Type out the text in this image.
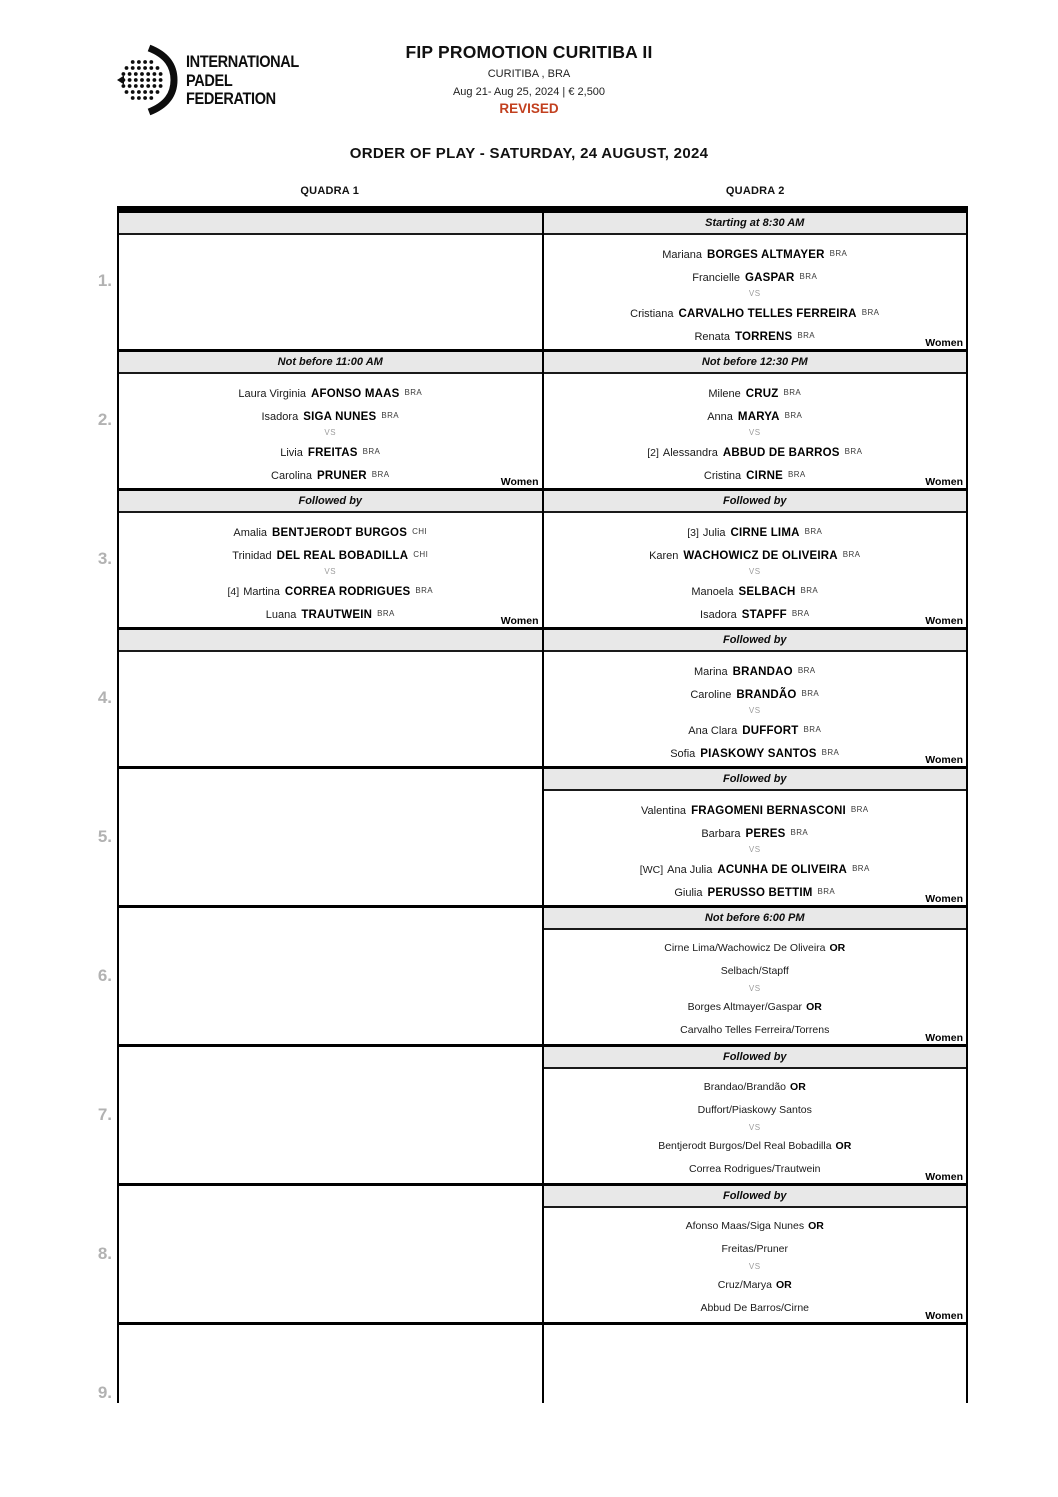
INTERNATIONAL
PADEL
FEDERATION
FIP PROMOTION CURITIBA II
CURITIBA , BRA
Aug 21- Aug 25, 2024 | € 2,500
REVISED
ORDER OF PLAY - SATURDAY, 24 AUGUST, 2024
QUADRA 1	QUADRA 2
1.
Starting at 8:30 AM
Mariana BORGES ALTMAYER BRA
Francielle GASPAR BRA
VS
Cristiana CARVALHO TELLES FERREIRA BRA
Renata TORRENS BRA
Women
2.
Not before 11:00 AM
Laura Virginia AFONSO MAAS BRA
Isadora SIGA NUNES BRA
VS
Livia FREITAS BRA
Carolina PRUNER BRA
Women
Not before 12:30 PM
Milene CRUZ BRA
Anna MARYA BRA
VS
[2] Alessandra ABBUD DE BARROS BRA
Cristina CIRNE BRA
Women
3.
Followed by
Amalia BENTJERODT BURGOS CHI
Trinidad DEL REAL BOBADILLA CHI
VS
[4] Martina CORREA RODRIGUES BRA
Luana TRAUTWEIN BRA
Women
Followed by
[3] Julia CIRNE LIMA BRA
Karen WACHOWICZ DE OLIVEIRA BRA
VS
Manoela SELBACH BRA
Isadora STAPFF BRA
Women
4.
Followed by
Marina BRANDAO BRA
Caroline BRANDÃO BRA
VS
Ana Clara DUFFORT BRA
Sofia PIASKOWY SANTOS BRA
Women
5.
Followed by
Valentina FRAGOMENI BERNASCONI BRA
Barbara PERES BRA
VS
[WC] Ana Julia ACUNHA DE OLIVEIRA BRA
Giulia PERUSSO BETTIM BRA
Women
6.
Not before 6:00 PM
Cirne Lima/Wachowicz De Oliveira OR
Selbach/Stapff
VS
Borges Altmayer/Gaspar OR
Carvalho Telles Ferreira/Torrens
Women
7.
Followed by
Brandao/Brandão OR
Duffort/Piaskowy Santos
VS
Bentjerodt Burgos/Del Real Bobadilla OR
Correa Rodrigues/Trautwein
Women
8.
Followed by
Afonso Maas/Siga Nunes OR
Freitas/Pruner
VS
Cruz/Marya OR
Abbud De Barros/Cirne
Women
9.
